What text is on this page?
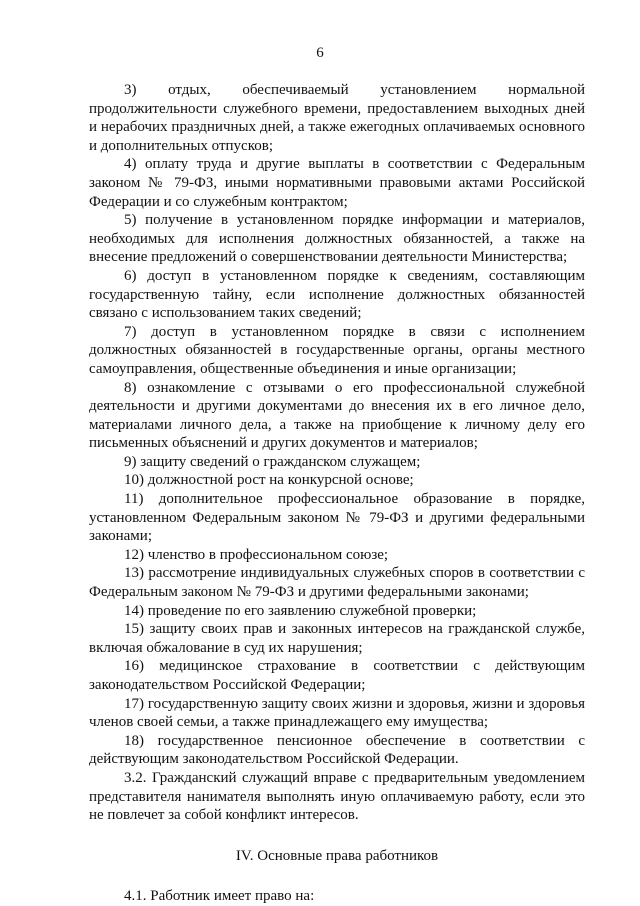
6

3) отдых, обеспечиваемый установлением нормальной продолжительности служебного времени, предоставлением выходных дней и нерабочих праздничных дней, а также ежегодных оплачиваемых основного и дополнительных отпусков;

4) оплату труда и другие выплаты в соответствии с Федеральным законом № 79-ФЗ, иными нормативными правовыми актами Российской Федерации и со служебным контрактом;

5) получение в установленном порядке информации и материалов, необходимых для исполнения должностных обязанностей, а также на внесение предложений о совершенствовании деятельности Министерства;

6) доступ в установленном порядке к сведениям, составляющим государственную тайну, если исполнение должностных обязанностей связано с использованием таких сведений;

7) доступ в установленном порядке в связи с исполнением должностных обязанностей в государственные органы, органы местного самоуправления, общественные объединения и иные организации;

8) ознакомление с отзывами о его профессиональной служебной деятельности и другими документами до внесения их в его личное дело, материалами личного дела, а также на приобщение к личному делу его письменных объяснений и других документов и материалов;

9) защиту сведений о гражданском служащем;

10) должностной рост на конкурсной основе;

11) дополнительное профессиональное образование в порядке, установленном Федеральным законом № 79-ФЗ и другими федеральными законами;

12) членство в профессиональном союзе;

13) рассмотрение индивидуальных служебных споров в соответствии с Федеральным законом № 79-ФЗ и другими федеральными законами;

14) проведение по его заявлению служебной проверки;

15) защиту своих прав и законных интересов на гражданской службе, включая обжалование в суд их нарушения;

16) медицинское страхование в соответствии с действующим законодательством Российской Федерации;

17) государственную защиту своих жизни и здоровья, жизни и здоровья членов своей семьи, а также принадлежащего ему имущества;

18) государственное пенсионное обеспечение в соответствии с действующим законодательством Российской Федерации.

3.2. Гражданский служащий вправе с предварительным уведомлением представителя нанимателя выполнять иную оплачиваемую работу, если это не повлечет за собой конфликт интересов.

IV. Основные права работников

4.1. Работник имеет право на:
